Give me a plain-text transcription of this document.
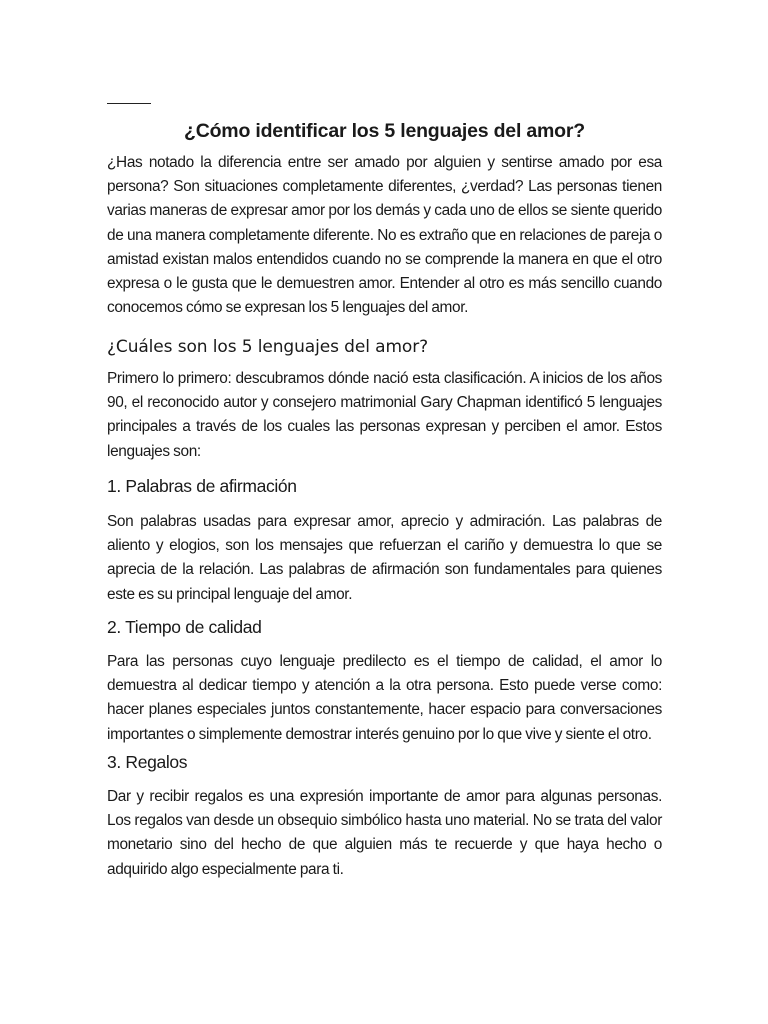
¿Cómo identificar los 5 lenguajes del amor?

¿Has notado la diferencia entre ser amado por alguien y sentirse amado por esa persona? Son situaciones completamente diferentes, ¿verdad? Las personas tienen varias maneras de expresar amor por los demás y cada uno de ellos se siente querido de una manera completamente diferente. No es extraño que en relaciones de pareja o amistad existan malos entendidos cuando no se comprende la manera en que el otro expresa o le gusta que le demuestren amor. Entender al otro es más sencillo cuando conocemos cómo se expresan los 5 lenguajes del amor.

¿Cuáles son los 5 lenguajes del amor?

Primero lo primero: descubramos dónde nació esta clasificación. A inicios de los años 90, el reconocido autor y consejero matrimonial Gary Chapman identificó 5 lenguajes principales a través de los cuales las personas expresan y perciben el amor. Estos lenguajes son:

1. Palabras de afirmación

Son palabras usadas para expresar amor, aprecio y admiración. Las palabras de aliento y elogios, son los mensajes que refuerzan el cariño y demuestra lo que se aprecia de la relación. Las palabras de afirmación son fundamentales para quienes este es su principal lenguaje del amor.

2. Tiempo de calidad

Para las personas cuyo lenguaje predilecto es el tiempo de calidad, el amor lo demuestra al dedicar tiempo y atención a la otra persona. Esto puede verse como: hacer planes especiales juntos constantemente, hacer espacio para conversaciones importantes o simplemente demostrar interés genuino por lo que vive y siente el otro.

3. Regalos

Dar y recibir regalos es una expresión importante de amor para algunas personas. Los regalos van desde un obsequio simbólico hasta uno material. No se trata del valor monetario sino del hecho de que alguien más te recuerde y que haya hecho o adquirido algo especialmente para ti.
